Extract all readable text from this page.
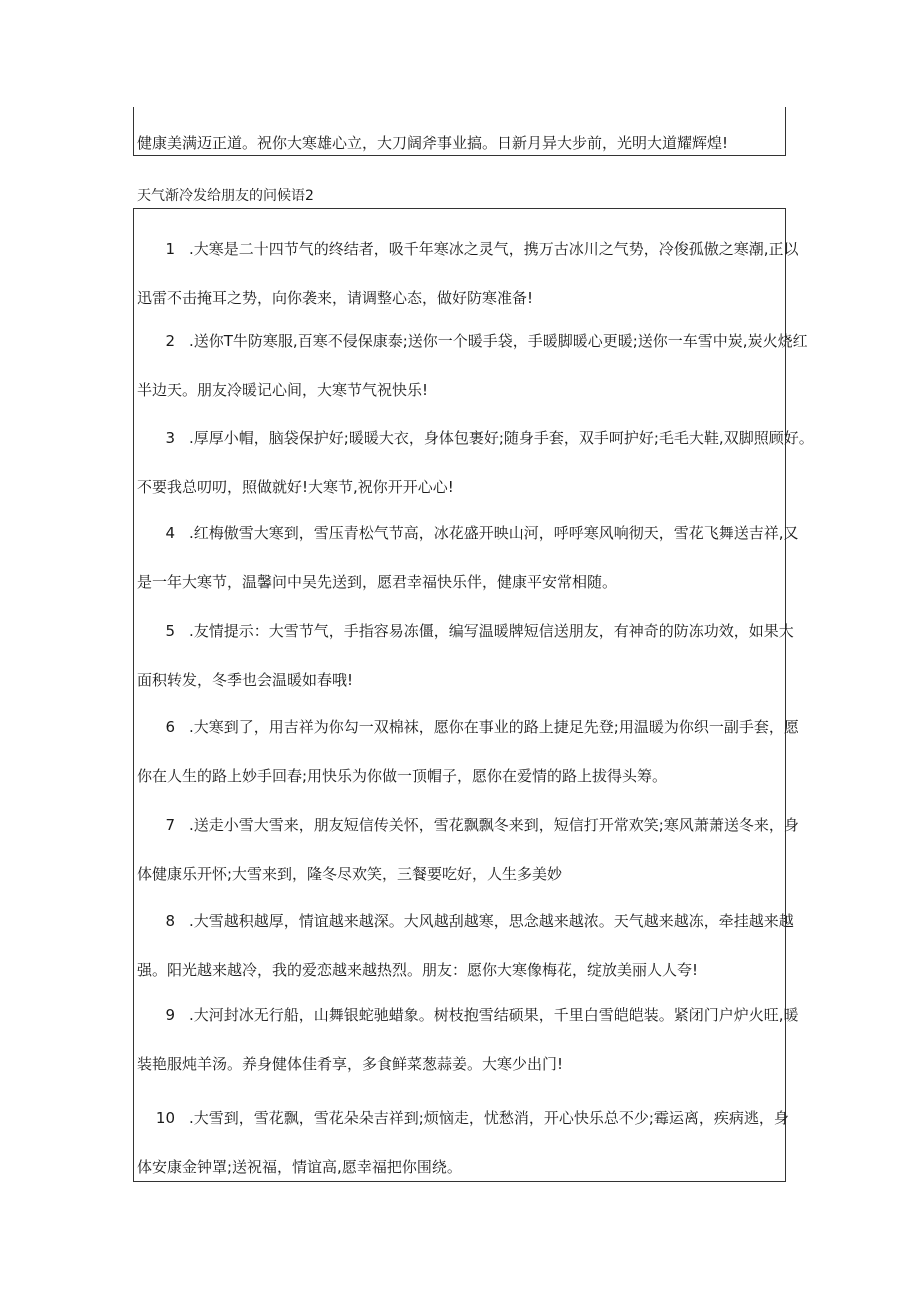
健康美满迈正道。祝你大寒雄心立，大刀阔斧事业搞。日新月异大步前，光明大道耀辉煌!
天气渐冷发给朋友的问候语2
1 .大寒是二十四节气的终结者，吸千年寒冰之灵气，携万古冰川之气势，冷俊孤傲之寒潮,正以
迅雷不击掩耳之势，向你袭来，请调整心态，做好防寒准备!
2 .送你T牛防寒服,百寒不侵保康泰;送你一个暖手袋，手暖脚暖心更暖;送你一车雪中炭,炭火烧红
半边天。朋友冷暖记心间，大寒节气祝快乐!
3 .厚厚小帽，脑袋保护好;暖暖大衣，身体包裹好;随身手套，双手呵护好;毛毛大鞋,双脚照顾好。
不要我总叨叨，照做就好!大寒节,祝你开开心心!
4 .红梅傲雪大寒到，雪压青松气节高，冰花盛开映山河，呼呼寒风响彻天，雪花飞舞送吉祥,又
是一年大寒节，温馨问中吴先送到，愿君幸福快乐伴，健康平安常相随。
5 .友情提示：大雪节气，手指容易冻僵，编写温暖牌短信送朋友，有神奇的防冻功效，如果大
面积转发，冬季也会温暖如春哦!
6 .大寒到了，用吉祥为你勾一双棉袜，愿你在事业的路上捷足先登;用温暖为你织一副手套，愿
你在人生的路上妙手回春;用快乐为你做一顶帽子，愿你在爱情的路上拔得头筹。
7 .送走小雪大雪来，朋友短信传关怀，雪花飘飘冬来到，短信打开常欢笑;寒风萧萧送冬来，身
体健康乐开怀;大雪来到，隆冬尽欢笑，三餐要吃好，人生多美妙
8 .大雪越积越厚，情谊越来越深。大风越刮越寒，思念越来越浓。天气越来越冻，牵挂越来越
强。阳光越来越冷，我的爱恋越来越热烈。朋友：愿你大寒像梅花，绽放美丽人人夸!
9 .大河封冰无行船，山舞银蛇驰蜡象。树枝抱雪结硕果，千里白雪皑皑装。紧闭门户炉火旺,暖
装艳服炖羊汤。养身健体佳肴享，多食鲜菜葱蒜姜。大寒少出门!
10 .大雪到，雪花飘，雪花朵朵吉祥到;烦恼走，忧愁消，开心快乐总不少;霉运离，疾病逃，身
体安康金钟罩;送祝福，情谊高,愿幸福把你围绕。
